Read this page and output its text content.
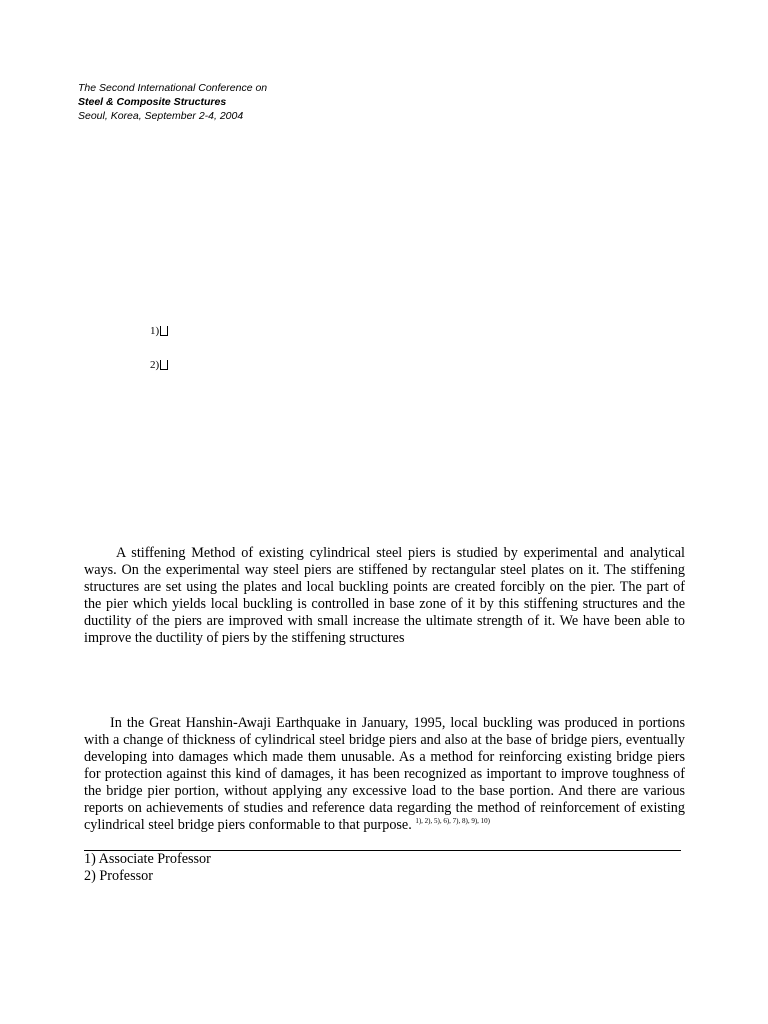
The Second International Conference on
Steel & Composite Structures
Seoul, Korea, September 2-4, 2004
1)
2)

A stiffening Method of existing cylindrical steel piers is studied by experimental and analytical ways. On the experimental way steel piers are stiffened by rectangular steel plates on it. The stiffening structures are set using the plates and local buckling points are created forcibly on the pier. The part of the pier which yields local buckling is controlled in base zone of it by this stiffening structures and the ductility of the piers are improved with small increase the ultimate strength of it. We have been able to improve the ductility of piers by the stiffening structures

In the Great Hanshin-Awaji Earthquake in January, 1995, local buckling was produced in portions with a change of thickness of cylindrical steel bridge piers and also at the base of bridge piers, eventually developing into damages which made them unusable. As a method for reinforcing existing bridge piers for protection against this kind of damages, it has been recognized as important to improve toughness of the bridge pier portion, without applying any excessive load to the base portion. And there are various reports on achievements of studies and reference data regarding the method of reinforcement of existing cylindrical steel bridge piers conformable to that purpose. $^{1), 2), 5), 6), 7), 8), 9), 10)}$

1) Associate Professor
2) Professor
